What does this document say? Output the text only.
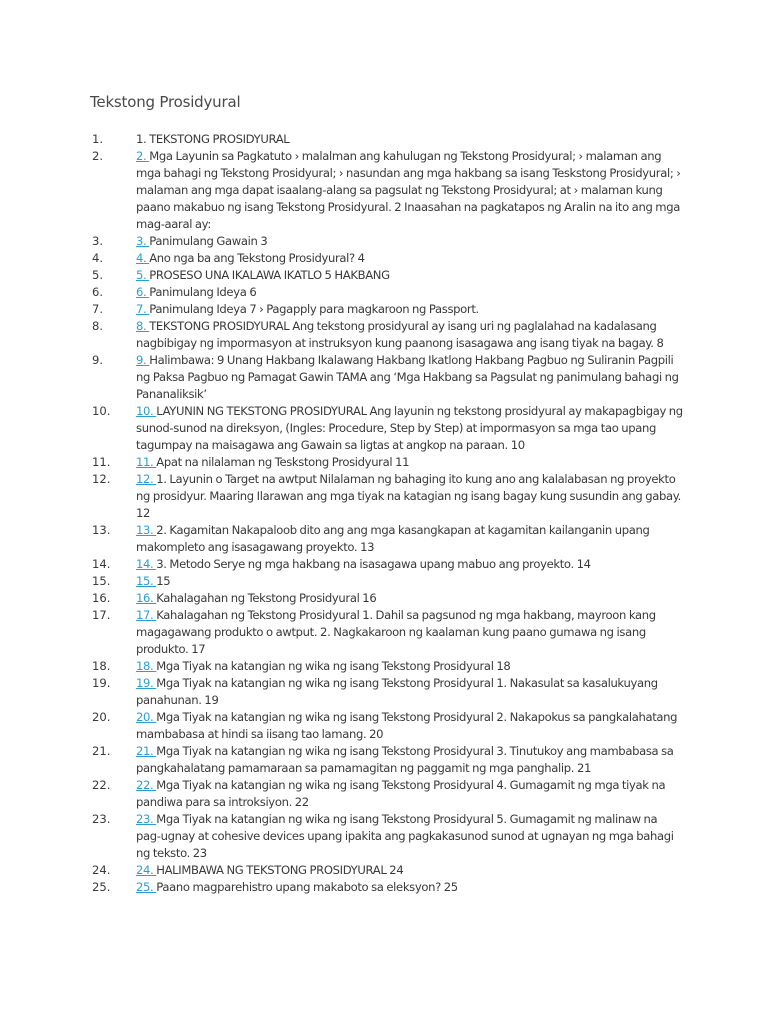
Tekstong Prosidyural
1.	1. TEKSTONG PROSIDYURAL
2.	2. Mga Layunin sa Pagkatuto › malalman ang kahulugan ng Tekstong Prosidyural; › malaman ang mga bahagi ng Tekstong Prosidyural; › nasundan ang mga hakbang sa isang Teskstong Prosidyural; › malaman ang mga dapat isaalang-alang sa pagsulat ng Tekstong Prosidyural; at › malaman kung paano makabuo ng isang Tekstong Prosidyural. 2 Inaasahan na pagkatapos ng Aralin na ito ang mga mag-aaral ay:
3.	3. Panimulang Gawain 3
4.	4. Ano nga ba ang Tekstong Prosidyural? 4
5.	5. PROSESO UNA IKALAWA IKATLO 5 HAKBANG
6.	6. Panimulang Ideya 6
7.	7. Panimulang Ideya 7 › Pagapply para magkaroon ng Passport.
8.	8. TEKSTONG PROSIDYURAL Ang tekstong prosidyural ay isang uri ng paglalahad na kadalasang nagbibigay ng impormasyon at instruksyon kung paanong isasagawa ang isang tiyak na bagay. 8
9.	9. Halimbawa: 9 Unang Hakbang Ikalawang Hakbang Ikatlong Hakbang Pagbuo ng Suliranin Pagpili ng Paksa Pagbuo ng Pamagat Gawin TAMA ang ‘Mga Hakbang sa Pagsulat ng panimulang bahagi ng Pananaliksik’
10.	10. LAYUNIN NG TEKSTONG PROSIDYURAL Ang layunin ng tekstong prosidyural ay makapagbigay ng sunod-sunod na direksyon, (Ingles: Procedure, Step by Step) at impormasyon sa mga tao upang tagumpay na maisagawa ang Gawain sa ligtas at angkop na paraan. 10
11.	11. Apat na nilalaman ng Teskstong Prosidyural 11
12.	12. 1. Layunin o Target na awtput Nilalaman ng bahaging ito kung ano ang kalalabasan ng proyekto ng prosidyur. Maaring Ilarawan ang mga tiyak na katagian ng isang bagay kung susundin ang gabay. 12
13.	13. 2. Kagamitan Nakapaloob dito ang ang mga kasangkapan at kagamitan kailanganin upang makompleto ang isasagawang proyekto. 13
14.	14. 3. Metodo Serye ng mga hakbang na isasagawa upang mabuo ang proyekto. 14
15.	15. 15
16.	16. Kahalagahan ng Tekstong Prosidyural 16
17.	17. Kahalagahan ng Tekstong Prosidyural 1. Dahil sa pagsunod ng mga hakbang, mayroon kang magagawang produkto o awtput. 2. Nagkakaroon ng kaalaman kung paano gumawa ng isang produkto. 17
18.	18. Mga Tiyak na katangian ng wika ng isang Tekstong Prosidyural 18
19.	19. Mga Tiyak na katangian ng wika ng isang Tekstong Prosidyural 1. Nakasulat sa kasalukuyang panahunan. 19
20.	20. Mga Tiyak na katangian ng wika ng isang Tekstong Prosidyural 2. Nakapokus sa pangkalahatang mambabasa at hindi sa iisang tao lamang. 20
21.	21. Mga Tiyak na katangian ng wika ng isang Tekstong Prosidyural 3. Tinutukoy ang mambabasa sa pangkahalatang pamamaraan sa pamamagitan ng paggamit ng mga panghalip. 21
22.	22. Mga Tiyak na katangian ng wika ng isang Tekstong Prosidyural 4. Gumagamit ng mga tiyak na pandiwa para sa introksiyon. 22
23.	23. Mga Tiyak na katangian ng wika ng isang Tekstong Prosidyural 5. Gumagamit ng malinaw na pag-ugnay at cohesive devices upang ipakita ang pagkakasunod sunod at ugnayan ng mga bahagi ng teksto. 23
24.	24. HALIMBAWA NG TEKSTONG PROSIDYURAL 24
25.	25. Paano magparehistro upang makaboto sa eleksyon? 25
